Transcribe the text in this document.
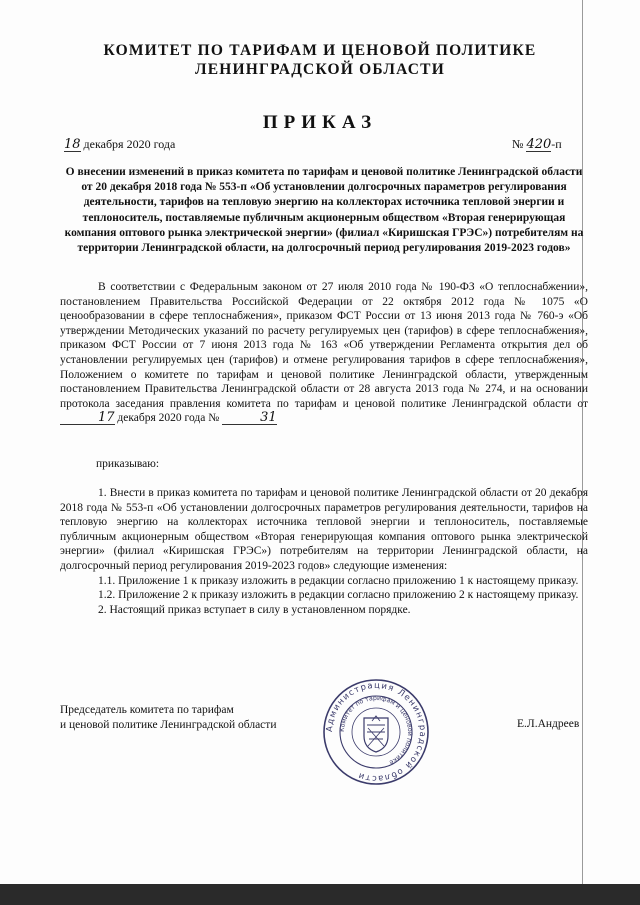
КОМИТЕТ ПО ТАРИФАМ И ЦЕНОВОЙ ПОЛИТИКЕ
ЛЕНИНГРАДСКОЙ ОБЛАСТИ
ПРИКАЗ
18 декабря 2020 года	№ 420-п
О внесении изменений в приказ комитета по тарифам и ценовой политике Ленинградской области от 20 декабря 2018 года № 553-п «Об установлении долгосрочных параметров регулирования деятельности, тарифов на тепловую энергию на коллекторах источника тепловой энергии и теплоноситель, поставляемые публичным акционерным обществом «Вторая генерирующая компания оптового рынка электрической энергии» (филиал «Киришская ГРЭС») потребителям на территории Ленинградской области, на долгосрочный период регулирования 2019-2023 годов»
В соответствии с Федеральным законом от 27 июля 2010 года № 190-ФЗ «О теплоснабжении», постановлением Правительства Российской Федерации от 22 октября 2012 года № 1075 «О ценообразовании в сфере теплоснабжения», приказом ФСТ России от 13 июня 2013 года № 760-э «Об утверждении Методических указаний по расчету регулируемых цен (тарифов) в сфере теплоснабжения», приказом ФСТ России от 7 июня 2013 года № 163 «Об утверждении Регламента открытия дел об установлении регулируемых цен (тарифов) и отмене регулирования тарифов в сфере теплоснабжения», Положением о комитете по тарифам и ценовой политике Ленинградской области, утвержденным постановлением Правительства Ленинградской области от 28 августа 2013 года № 274, и на основании протокола заседания правления комитета по тарифам и ценовой политике Ленинградской области от 17 декабря 2020 года №	31
приказываю:

1. Внести в приказ комитета по тарифам и ценовой политике Ленинградской области от 20 декабря 2018 года № 553-п «Об установлении долгосрочных параметров регулирования деятельности, тарифов на тепловую энергию на коллекторах источника тепловой энергии и теплоноситель, поставляемые публичным акционерным обществом «Вторая генерирующая компания оптового рынка электрической энергии» (филиал «Киришская ГРЭС») потребителям на территории Ленинградской области, на долгосрочный период регулирования 2019-2023 годов» следующие изменения:

1.1. Приложение 1 к приказу изложить в редакции согласно приложению 1 к настоящему приказу.

1.2. Приложение 2 к приказу изложить в редакции согласно приложению 2 к настоящему приказу.

2. Настоящий приказ вступает в силу в установленном порядке.

Председатель комитета по тарифам
и ценовой политике Ленинградской области	Администрация Ленинградской области
Комитет по тарифам и ценовой политике
Е.Л.Андреев
